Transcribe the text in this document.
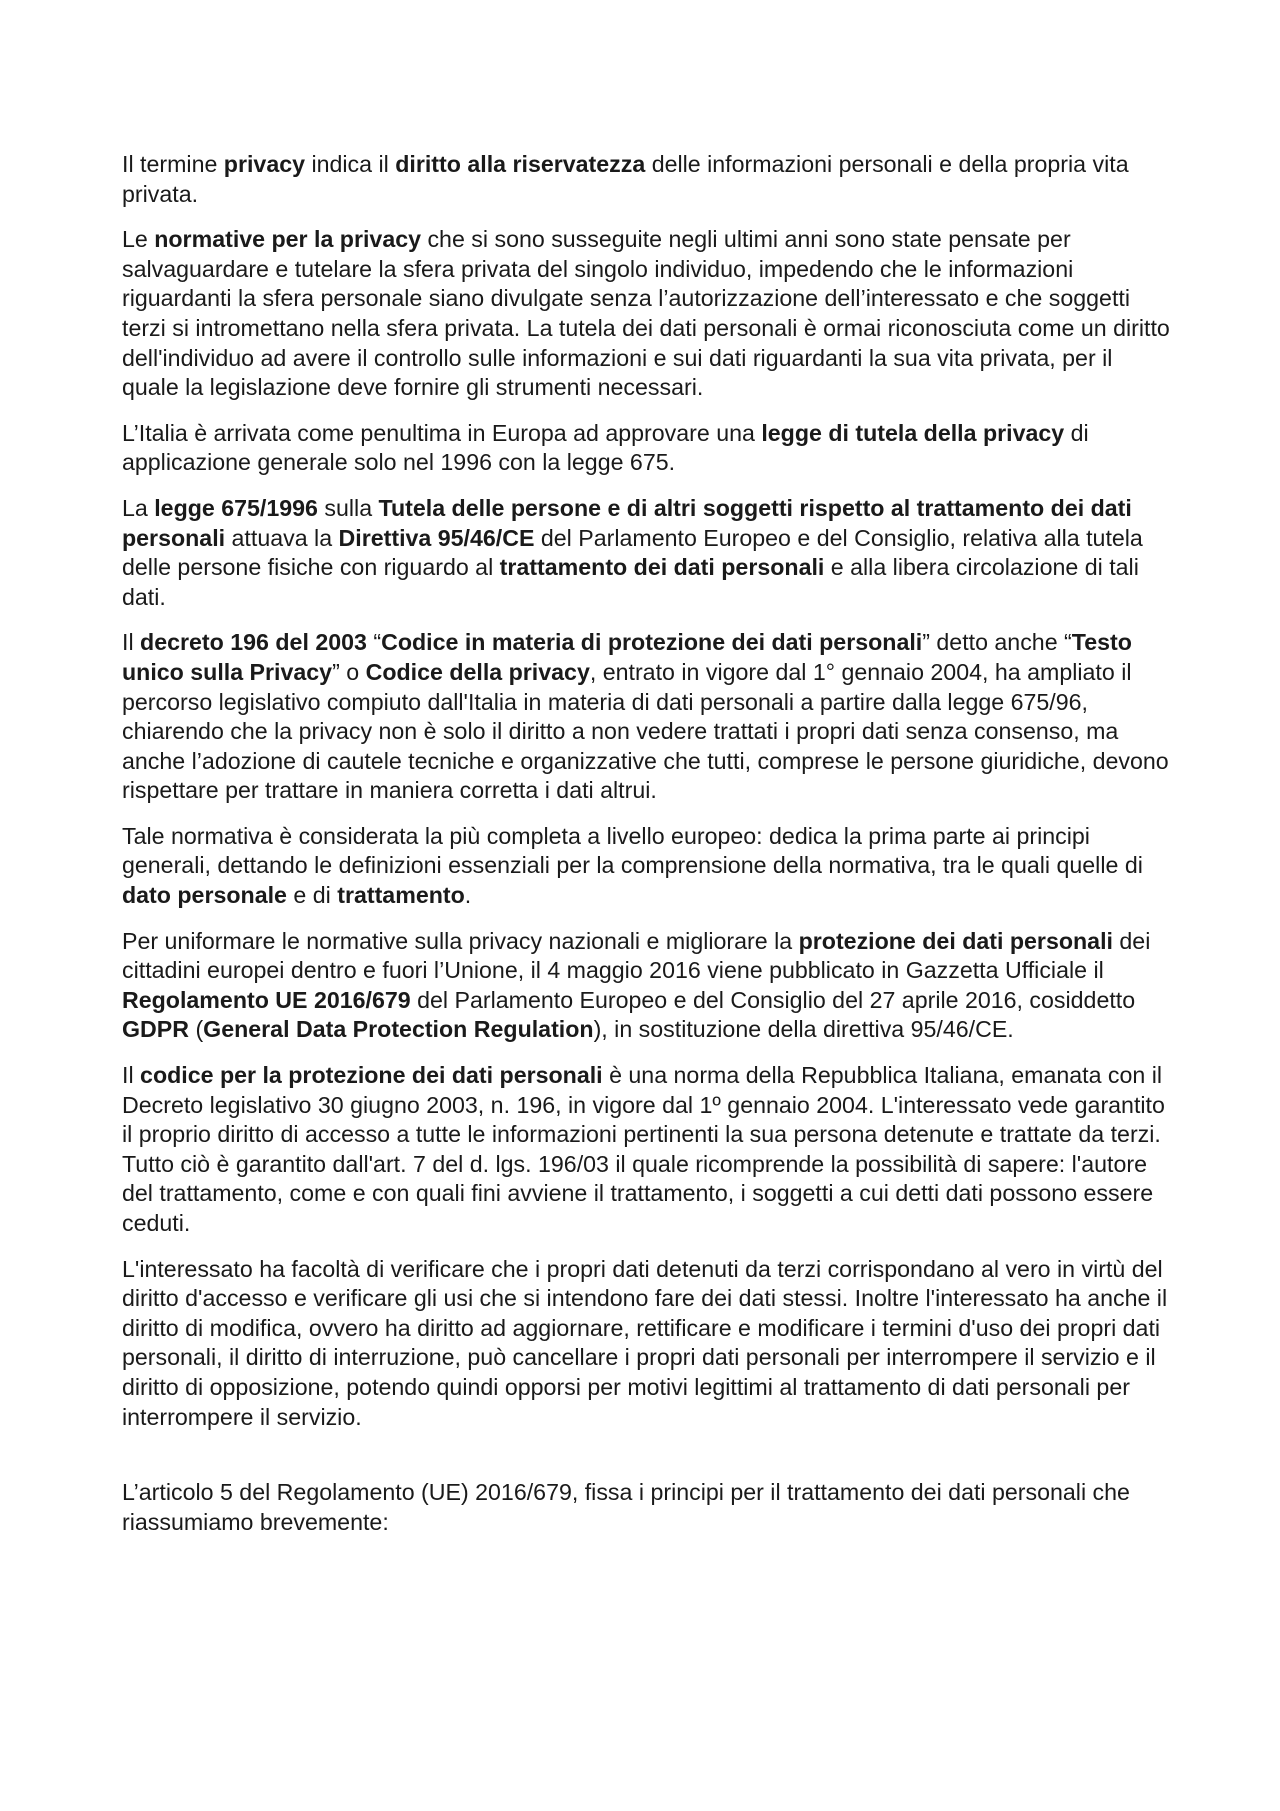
Il termine privacy indica il diritto alla riservatezza delle informazioni personali e della propria vita privata.

Le normative per la privacy che si sono susseguite negli ultimi anni sono state pensate per salvaguardare e tutelare la sfera privata del singolo individuo, impedendo che le informazioni riguardanti la sfera personale siano divulgate senza l’autorizzazione dell’interessato e che soggetti terzi si intromettano nella sfera privata. La tutela dei dati personali è ormai riconosciuta come un diritto dell'individuo ad avere il controllo sulle informazioni e sui dati riguardanti la sua vita privata, per il quale la legislazione deve fornire gli strumenti necessari.

L’Italia è arrivata come penultima in Europa ad approvare una legge di tutela della privacy di applicazione generale solo nel 1996 con la legge 675.

La legge 675/1996 sulla Tutela delle persone e di altri soggetti rispetto al trattamento dei dati personali attuava la Direttiva 95/46/CE del Parlamento Europeo e del Consiglio, relativa alla tutela delle persone fisiche con riguardo al trattamento dei dati personali e alla libera circolazione di tali dati.

Il decreto 196 del 2003 “Codice in materia di protezione dei dati personali” detto anche “Testo unico sulla Privacy” o Codice della privacy, entrato in vigore dal 1° gennaio 2004, ha ampliato il percorso legislativo compiuto dall'Italia in materia di dati personali a partire dalla legge 675/96, chiarendo che la privacy non è solo il diritto a non vedere trattati i propri dati senza consenso, ma anche l’adozione di cautele tecniche e organizzative che tutti, comprese le persone giuridiche, devono rispettare per trattare in maniera corretta i dati altrui.

Tale normativa è considerata la più completa a livello europeo: dedica la prima parte ai principi generali, dettando le definizioni essenziali per la comprensione della normativa, tra le quali quelle di dato personale e di trattamento.

Per uniformare le normative sulla privacy nazionali e migliorare la protezione dei dati personali dei cittadini europei dentro e fuori l’Unione, il 4 maggio 2016 viene pubblicato in Gazzetta Ufficiale il Regolamento UE 2016/679 del Parlamento Europeo e del Consiglio del 27 aprile 2016, cosiddetto GDPR (General Data Protection Regulation), in sostituzione della direttiva 95/46/CE.

Il codice per la protezione dei dati personali è una norma della Repubblica Italiana, emanata con il Decreto legislativo 30 giugno 2003, n. 196, in vigore dal 1º gennaio 2004. L'interessato vede garantito il proprio diritto di accesso a tutte le informazioni pertinenti la sua persona detenute e trattate da terzi. Tutto ciò è garantito dall'art. 7 del d. lgs. 196/03 il quale ricomprende la possibilità di sapere: l'autore del trattamento, come e con quali fini avviene il trattamento, i soggetti a cui detti dati possono essere ceduti.

L'interessato ha facoltà di verificare che i propri dati detenuti da terzi corrispondano al vero in virtù del diritto d'accesso e verificare gli usi che si intendono fare dei dati stessi. Inoltre l'interessato ha anche il diritto di modifica, ovvero ha diritto ad aggiornare, rettificare e modificare i termini d'uso dei propri dati personali, il diritto di interruzione, può cancellare i propri dati personali per interrompere il servizio e il diritto di opposizione, potendo quindi opporsi per motivi legittimi al trattamento di dati personali per interrompere il servizio.

L’articolo 5 del Regolamento (UE) 2016/679, fissa i principi per il trattamento dei dati personali che riassumiamo brevemente:
